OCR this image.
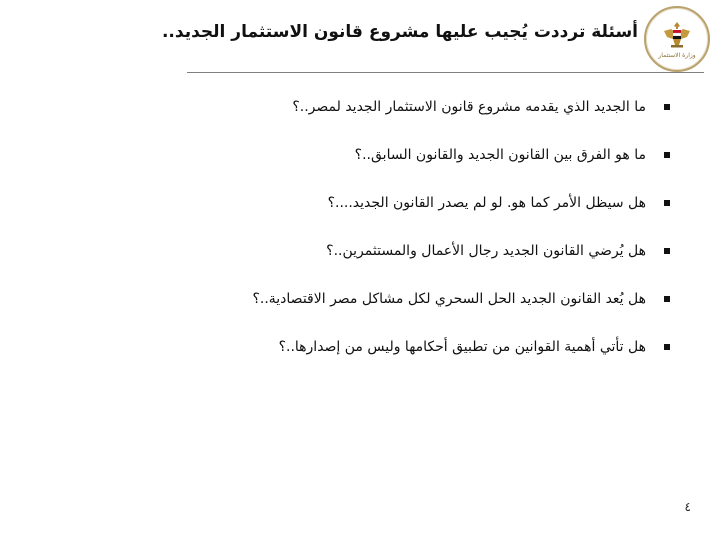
وزارة الاستثمار
أسئلة ترددت يُجيب عليها مشروع قانون الاستثمار الجديد..
ما الجديد الذي يقدمه مشروع قانون الاستثمار الجديد لمصر..؟
ما هو الفرق بين القانون الجديد والقانون السابق..؟
هل سيظل الأمر كما هو. لو لم يصدر القانون الجديد....؟
هل يُرضي القانون الجديد رجال الأعمال والمستثمرين..؟
هل يُعد القانون الجديد الحل السحري لكل مشاكل مصر الاقتصادية..؟
هل تأتي أهمية القوانين من تطبيق أحكامها وليس من إصدارها..؟
٤
